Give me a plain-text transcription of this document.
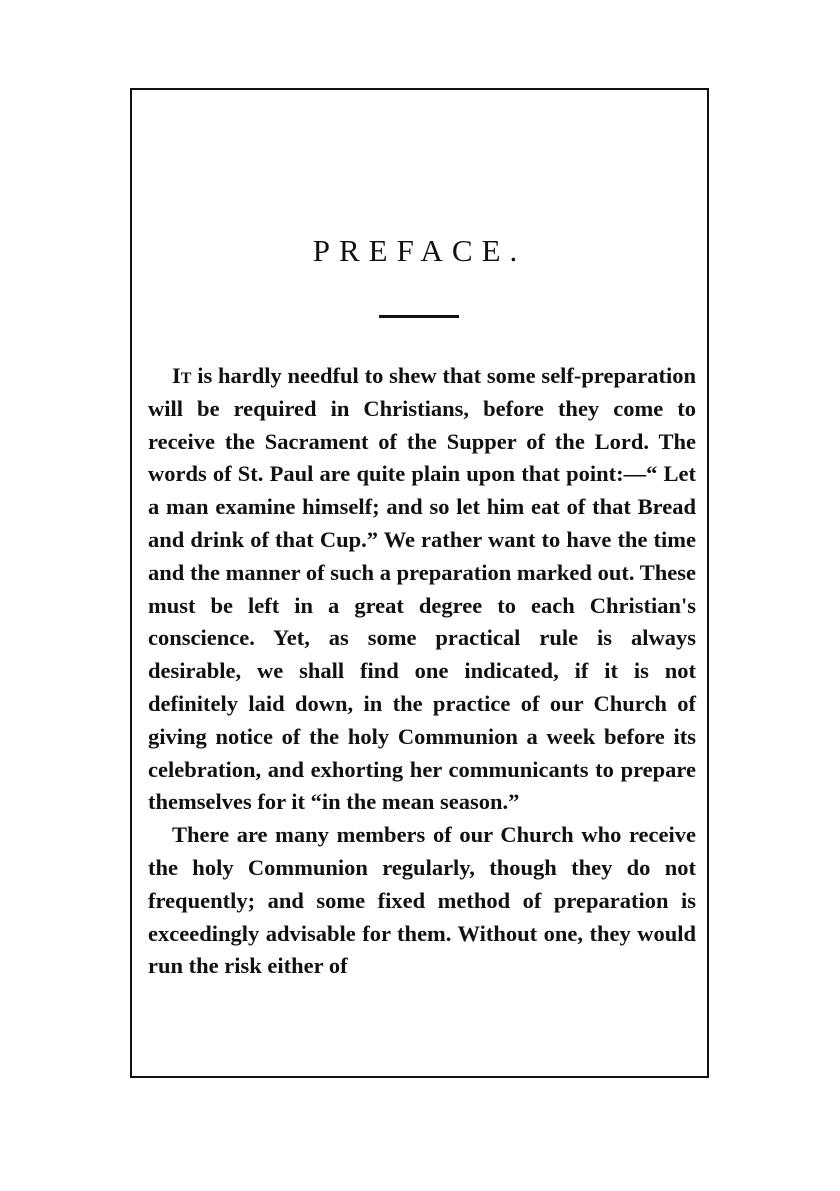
PREFACE.

It is hardly needful to shew that some self-preparation will be required in Christians, before they come to receive the Sacrament of the Supper of the Lord. The words of St. Paul are quite plain upon that point:—“ Let a man examine himself; and so let him eat of that Bread and drink of that Cup.” We rather want to have the time and the manner of such a preparation marked out. These must be left in a great degree to each Christian's conscience. Yet, as some practical rule is always desirable, we shall find one indicated, if it is not definitely laid down, in the practice of our Church of giving notice of the holy Communion a week before its celebration, and exhorting her communicants to prepare themselves for it “in the mean season.”

There are many members of our Church who receive the holy Communion regularly, though they do not frequently; and some fixed method of preparation is exceedingly advisable for them. Without one, they would run the risk either of
